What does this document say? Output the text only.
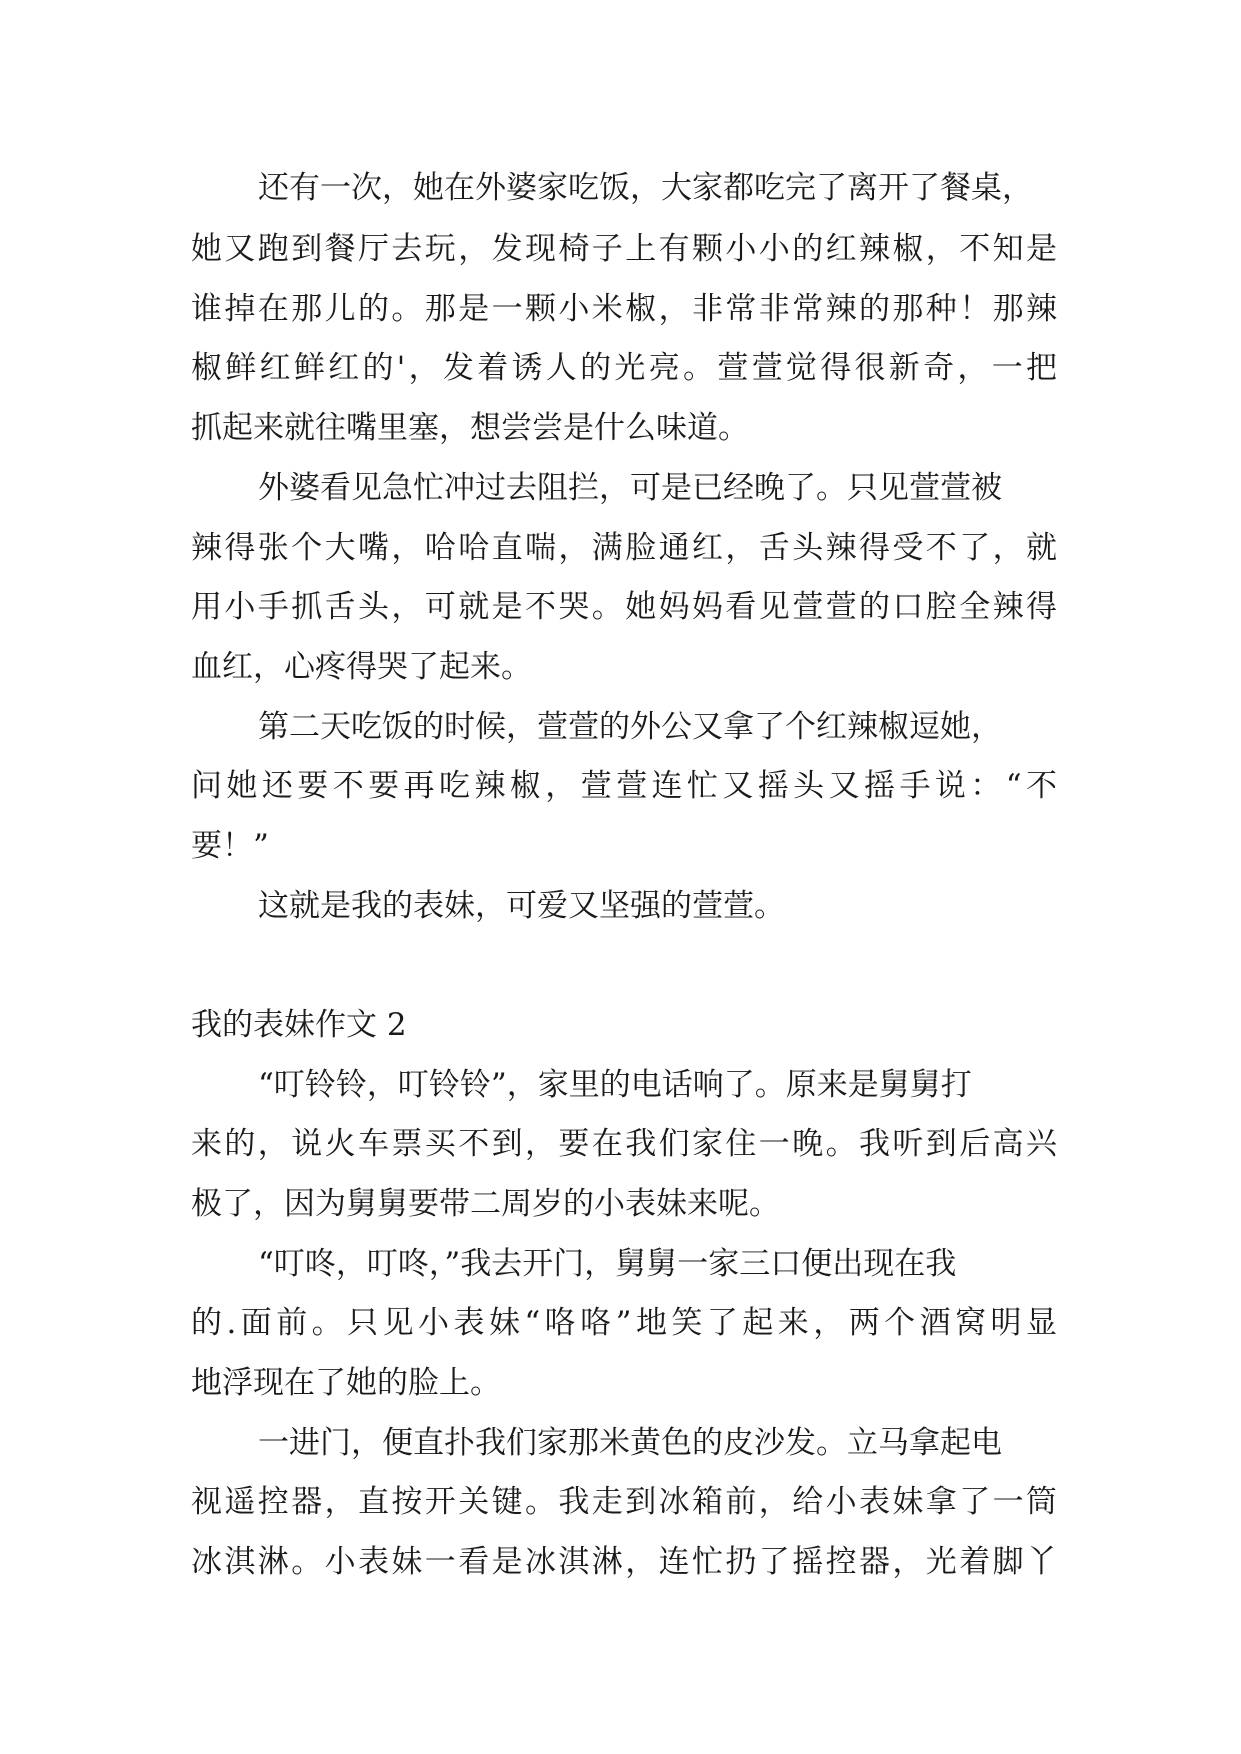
还有一次，她在外婆家吃饭，大家都吃完了离开了餐桌，
她又跑到餐厅去玩，发现椅子上有颗小小的红辣椒，不知是
谁掉在那儿的。那是一颗小米椒，非常非常辣的那种！那辣
椒鲜红鲜红的'，发着诱人的光亮。萱萱觉得很新奇，一把
抓起来就往嘴里塞，想尝尝是什么味道。
外婆看见急忙冲过去阻拦，可是已经晚了。只见萱萱被
辣得张个大嘴，哈哈直喘，满脸通红，舌头辣得受不了，就
用小手抓舌头，可就是不哭。她妈妈看见萱萱的口腔全辣得
血红，心疼得哭了起来。
第二天吃饭的时候，萱萱的外公又拿了个红辣椒逗她，
问她还要不要再吃辣椒，萱萱连忙又摇头又摇手说：“不
要！”
这就是我的表妹，可爱又坚强的萱萱。
我的表妹作文 2
“叮铃铃，叮铃铃”，家里的电话响了。原来是舅舅打
来的，说火车票买不到，要在我们家住一晚。我听到后高兴
极了，因为舅舅要带二周岁的小表妹来呢。
“叮咚，叮咚，”我去开门，舅舅一家三口便出现在我
的.面前。只见小表妹“咯咯”地笑了起来，两个酒窝明显
地浮现在了她的脸上。
一进门，便直扑我们家那米黄色的皮沙发。立马拿起电
视遥控器，直按开关键。我走到冰箱前，给小表妹拿了一筒
冰淇淋。小表妹一看是冰淇淋，连忙扔了摇控器，光着脚丫
